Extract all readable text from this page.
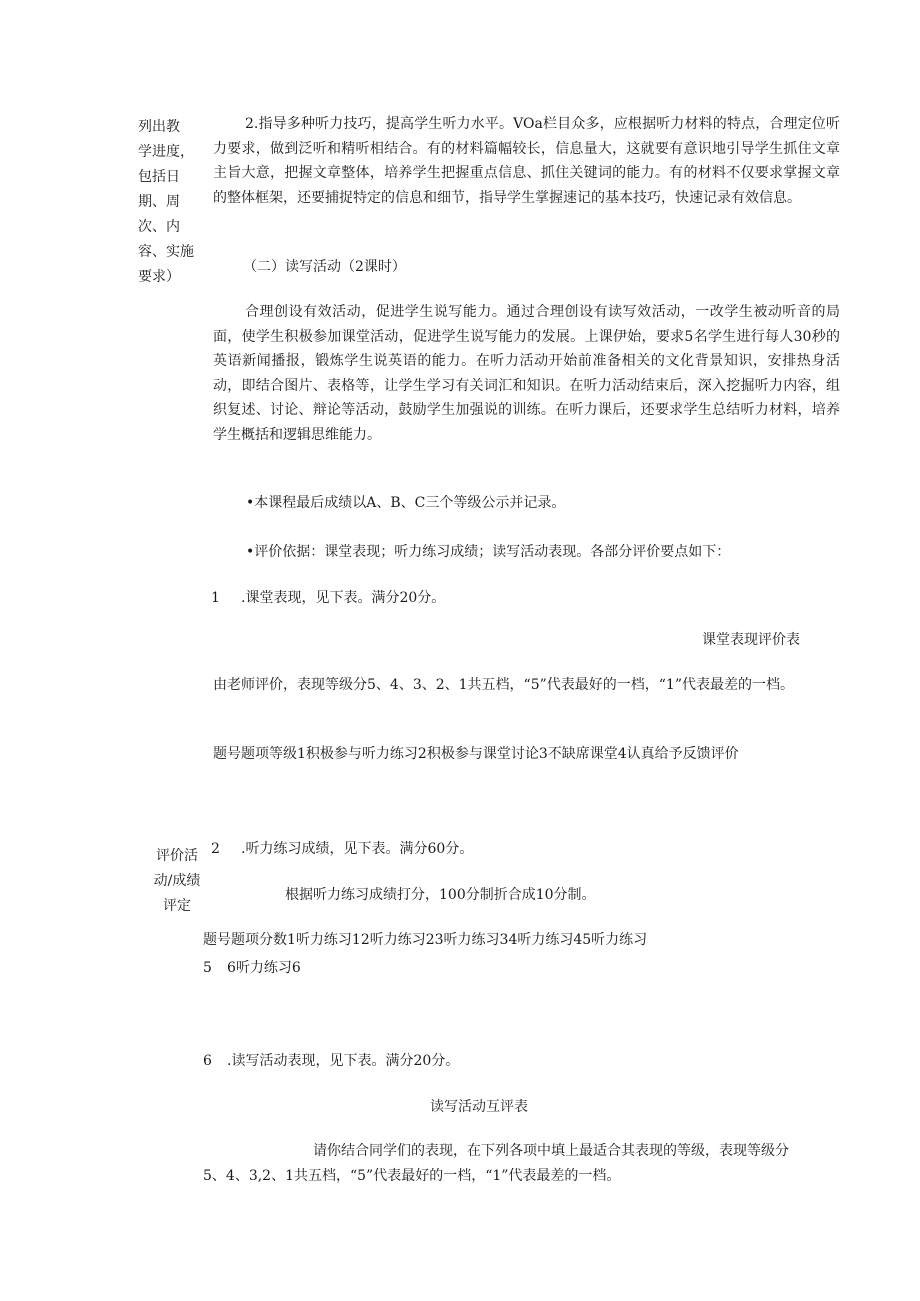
列出教
学进度，
包括日
期、周
次、内
容、实施
要求）
评价活
动/成绩
评定
2.指导多种听力技巧，提高学生听力水平。VOa栏目众多，应根据听力材料的特点，合理定位听力要求，做到泛听和精听相结合。有的材料篇幅较长，信息量大，这就要有意识地引导学生抓住文章主旨大意，把握文章整体，培养学生把握重点信息、抓住关键词的能力。有的材料不仅要求掌握文章的整体框架，还要捕捉特定的信息和细节，指导学生掌握速记的基本技巧，快速记录有效信息。
（二）读写活动（2课时）
合理创设有效活动，促进学生说写能力。通过合理创设有读写效活动，一改学生被动听音的局面，使学生积极参加课堂活动，促进学生说写能力的发展。上课伊始，要求5名学生进行每人30秒的英语新闻播报，锻炼学生说英语的能力。在听力活动开始前准备相关的文化背景知识，安排热身活动，即结合图片、表格等，让学生学习有关词汇和知识。在听力活动结束后，深入挖掘听力内容，组织复述、讨论、辩论等活动，鼓励学生加强说的训练。在听力课后，还要求学生总结听力材料，培养学生概括和逻辑思维能力。
•本课程最后成绩以A、B、C三个等级公示并记录。
•评价依据：课堂表现；听力练习成绩；读写活动表现。各部分评价要点如下：
1 .课堂表现，见下表。满分20分。
课堂表现评价表
由老师评价，表现等级分5、4、3、2、1共五档，“5”代表最好的一档，“1”代表最差的一档。
题号题项等级1积极参与听力练习2积极参与课堂讨论3不缺席课堂4认真给予反馈评价
2 .听力练习成绩，见下表。满分60分。
根据听力练习成绩打分，100分制折合成10分制。
题号题项分数1听力练习12听力练习23听力练习34听力练习45听力练习
5 6听力练习6
6 .读写活动表现，见下表。满分20分。
读写活动互评表
请你结合同学们的表现，在下列各项中填上最适合其表现的等级，表现等级分
5、4、3,2、1共五档，“5”代表最好的一档，“1”代表最差的一档。
